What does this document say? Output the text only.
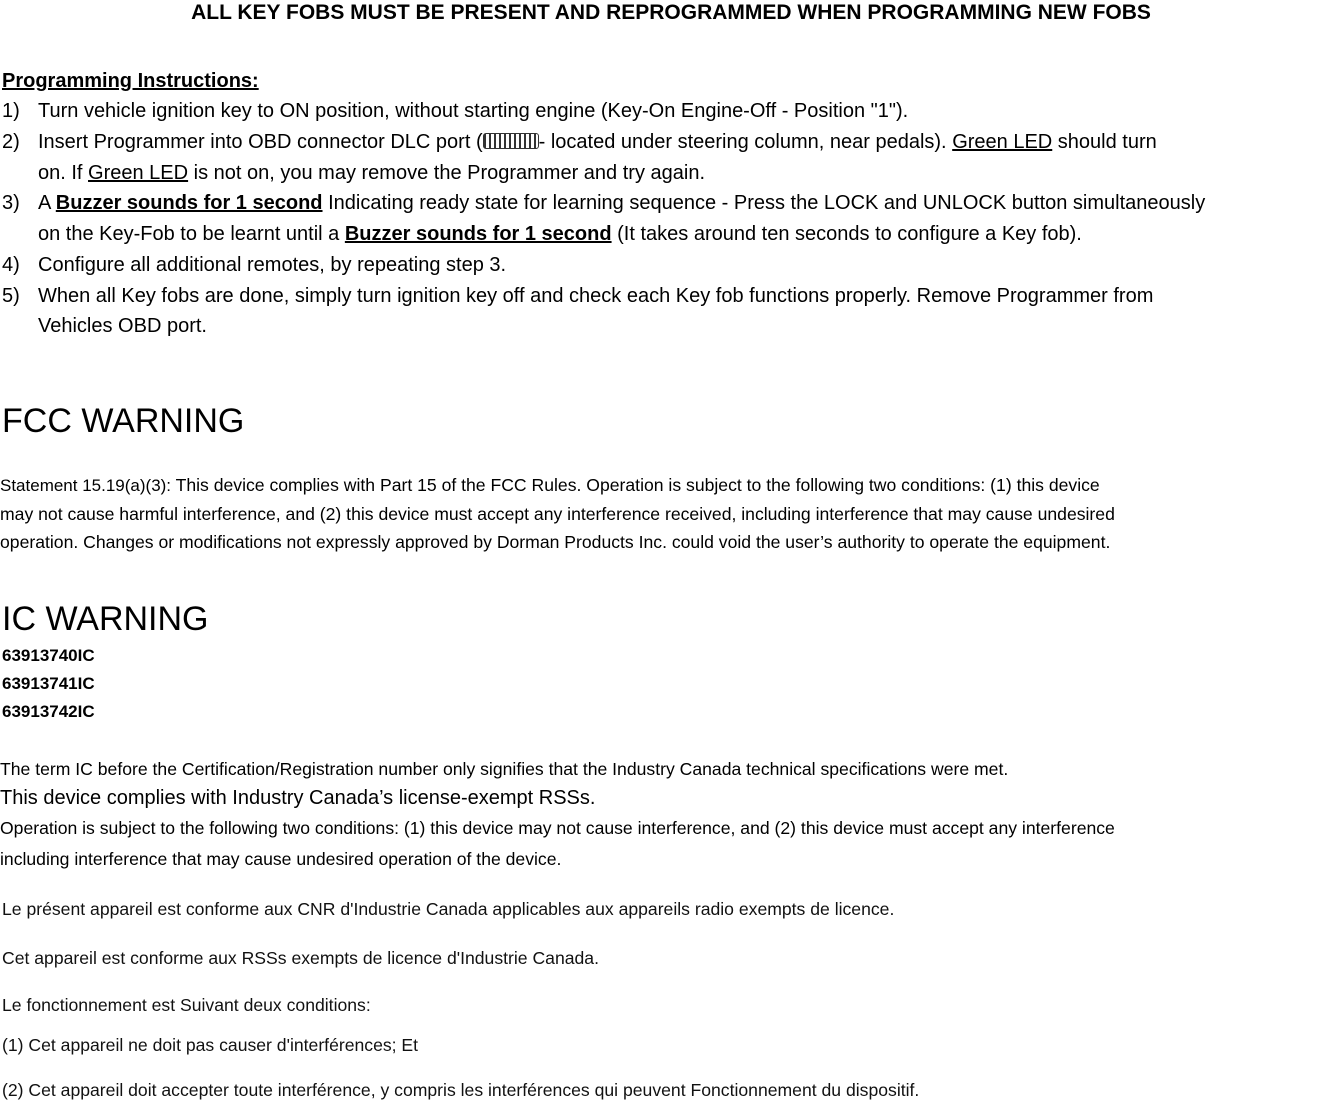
ALL KEY FOBS MUST BE PRESENT AND REPROGRAMMED WHEN PROGRAMMING NEW FOBS
Programming Instructions:
1) Turn vehicle ignition key to ON position, without starting engine (Key-On Engine-Off - Position "1").
2) Insert Programmer into OBD connector DLC port (	- located under steering column, near pedals). Green LED should turn
on. If Green LED is not on, you may remove the Programmer and try again.
3) A Buzzer sounds for 1 second Indicating ready state for learning sequence - Press the LOCK and UNLOCK button simultaneously
on the Key-Fob to be learnt until a Buzzer sounds for 1 second (It takes around ten seconds to configure a Key fob).
4) Configure all additional remotes, by repeating step 3.
5) When all Key fobs are done, simply turn ignition key off and check each Key fob functions properly. Remove Programmer from
Vehicles OBD port.
FCC WARNING
Statement 15.19(a)(3): This device complies with Part 15 of the FCC Rules. Operation is subject to the following two conditions: (1) this device
may not cause harmful interference, and (2) this device must accept any interference received, including interference that may cause undesired
operation. Changes or modifications not expressly approved by Dorman Products Inc. could void the user’s authority to operate the equipment.
IC WARNING
63913740IC
63913741IC
63913742IC
The term IC before the Certification/Registration number only signifies that the Industry Canada technical specifications were met.
This device complies with Industry Canada’s license-exempt RSSs.
Operation is subject to the following two conditions: (1) this device may not cause interference, and (2) this device must accept any interference
including interference that may cause undesired operation of the device.
Le présent appareil est conforme aux CNR d'Industrie Canada applicables aux appareils radio exempts de licence.
Cet appareil est conforme aux RSSs exempts de licence d'Industrie Canada.
Le fonctionnement est Suivant deux conditions:
(1) Cet appareil ne doit pas causer d'interférences; Et
(2) Cet appareil doit accepter toute interférence, y compris les interférences qui peuvent Fonctionnement du dispositif.
